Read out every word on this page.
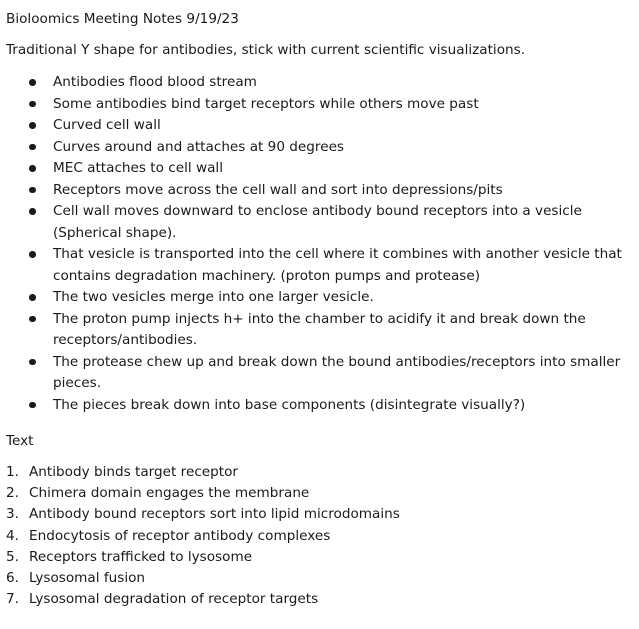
Bioloomics Meeting Notes 9/19/23
Traditional Y shape for antibodies, stick with current scientific visualizations.
Antibodies flood blood stream
Some antibodies bind target receptors while others move past
Curved cell wall
Curves around and attaches at 90 degrees
MEC attaches to cell wall
Receptors move across the cell wall and sort into depressions/pits
Cell wall moves downward to enclose antibody bound receptors into a vesicle (Spherical shape).
That vesicle is transported into the cell where it combines with another vesicle that contains degradation machinery. (proton pumps and protease)
The two vesicles merge into one larger vesicle.
The proton pump injects h+ into the chamber to acidify it and break down the receptors/antibodies.
The protease chew up and break down the bound antibodies/receptors into smaller pieces.
The pieces break down into base components (disintegrate visually?)
Text
1. Antibody binds target receptor
2. Chimera domain engages the membrane
3. Antibody bound receptors sort into lipid microdomains
4. Endocytosis of receptor antibody complexes
5. Receptors trafficked to lysosome
6. Lysosomal fusion
7. Lysosomal degradation of receptor targets
